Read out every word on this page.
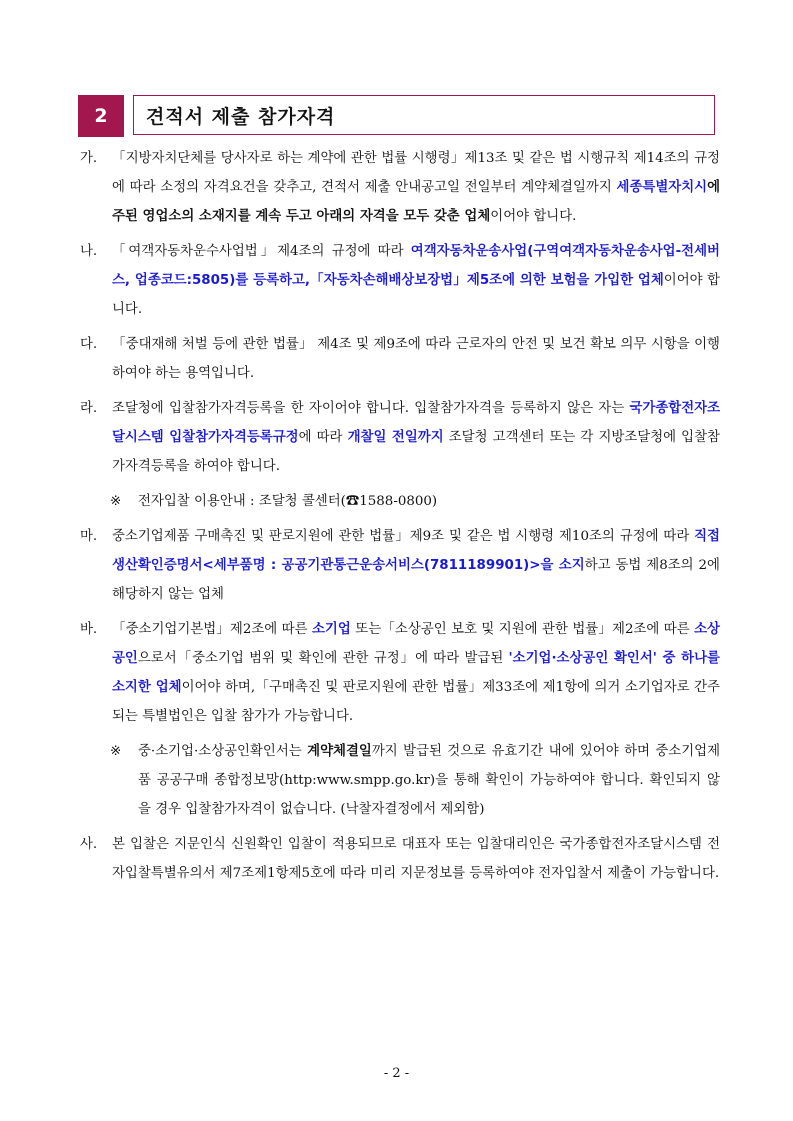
2	견적서 제출 참가자격
가. 「지방자치단체를 당사자로 하는 계약에 관한 법률 시행령」제13조 및 같은 법 시행규칙 제14조의 규정에 따라 소정의 자격요건을 갖추고, 견적서 제출 안내공고일 전일부터 계약체결일까지 세종특별자치시에 주된 영업소의 소재지를 계속 두고 아래의 자격을 모두 갖춘 업체이어야 합니다.
나. 「여객자동차운수사업법」제4조의 규정에 따라 여객자동차운송사업(구역여객자동차운송사업-전세버스, 업종코드:5805)를 등록하고,「자동차손해배상보장법」제5조에 의한 보험을 가입한 업체이어야 합니다.
다. 「중대재해 처벌 등에 관한 법률」 제4조 및 제9조에 따라 근로자의 안전 및 보건 확보 의무 시항을 이행하여야 하는 용역입니다.
라. 조달청에 입찰참가자격등록을 한 자이어야 합니다. 입찰참가자격을 등록하지 않은 자는 국가종합전자조달시스템 입찰참가자격등록규정에 따라 개찰일 전일까지 조달청 고객센터 또는 각 지방조달청에 입찰참가자격등록을 하여야 합니다.
※ 전자입찰 이용안내 : 조달청 콜센터(☎1588-0800)
마. 중소기업제품 구매촉진 및 판로지원에 관한 법률」제9조 및 같은 법 시행령 제10조의 규정에 따라 직접생산확인증명서<세부품명 : 공공기관통근운송서비스(7811189901)>을 소지하고 동법 제8조의 2에 해당하지 않는 업체
바. 「중소기업기본법」제2조에 따른 소기업 또는「소상공인 보호 및 지원에 관한 법률」제2조에 따른 소상공인으로서「중소기업 범위 및 확인에 관한 규정」에 따라 발급된 '소기업·소상공인 확인서' 중 하나를 소지한 업체이어야 하며,「구매촉진 및 판로지원에 관한 법률」제33조에 제1항에 의거 소기업자로 간주되는 특별법인은 입찰 참가가 가능합니다.
※ 중·소기업·소상공인확인서는 계약체결일까지 발급된 것으로 유효기간 내에 있어야 하며 중소기업제품 공공구매 종합정보망(http:www.smpp.go.kr)을 통해 확인이 가능하여야 합니다. 확인되지 않을 경우 입찰참가자격이 없습니다. (낙찰자결정에서 제외함)
사. 본 입찰은 지문인식 신원확인 입찰이 적용되므로 대표자 또는 입찰대리인은 국가종합전자조달시스템 전자입찰특별유의서 제7조제1항제5호에 따라 미리 지문정보를 등록하여야 전자입찰서 제출이 가능합니다.
- 2 -
